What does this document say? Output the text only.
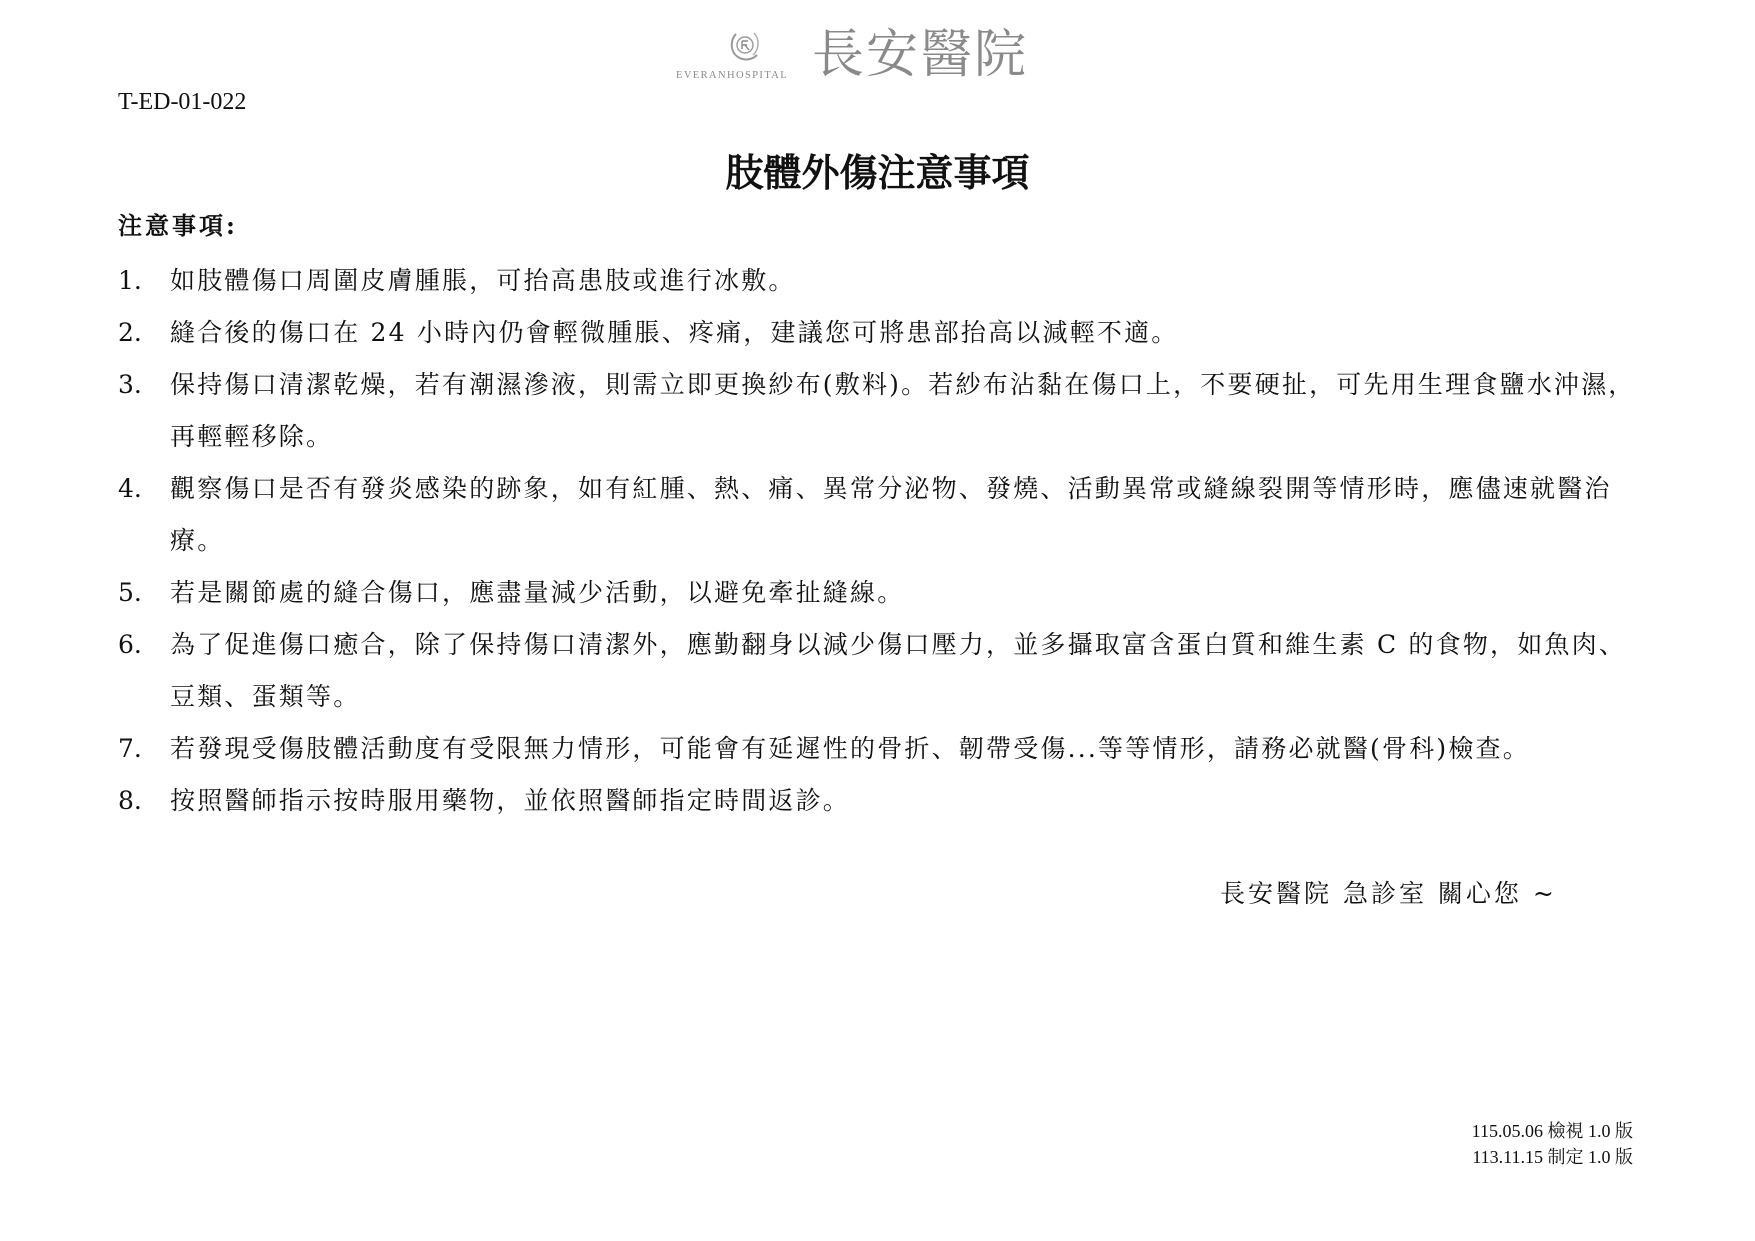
EVERANHOSPITAL 長安醫院
T-ED-01-022
肢體外傷注意事項
注意事項:
1. 如肢體傷口周圍皮膚腫脹，可抬高患肢或進行冰敷。
2. 縫合後的傷口在 24 小時內仍會輕微腫脹、疼痛，建議您可將患部抬高以減輕不適。
3. 保持傷口清潔乾燥，若有潮濕滲液，則需立即更換紗布(敷料)。若紗布沾黏在傷口上，不要硬扯，可先用生理食鹽水沖濕，再輕輕移除。
4. 觀察傷口是否有發炎感染的跡象，如有紅腫、熱、痛、異常分泌物、發燒、活動異常或縫線裂開等情形時，應儘速就醫治療。
5. 若是關節處的縫合傷口，應盡量減少活動，以避免牽扯縫線。
6. 為了促進傷口癒合，除了保持傷口清潔外，應勤翻身以減少傷口壓力，並多攝取富含蛋白質和維生素 C 的食物，如魚肉、豆類、蛋類等。
7. 若發現受傷肢體活動度有受限無力情形，可能會有延遲性的骨折、韌帶受傷...等等情形，請務必就醫(骨科)檢查。
8. 按照醫師指示按時服用藥物，並依照醫師指定時間返診。
長安醫院 急診室 關心您 ~
115.05.06 檢視 1.0 版
113.11.15 制定 1.0 版
